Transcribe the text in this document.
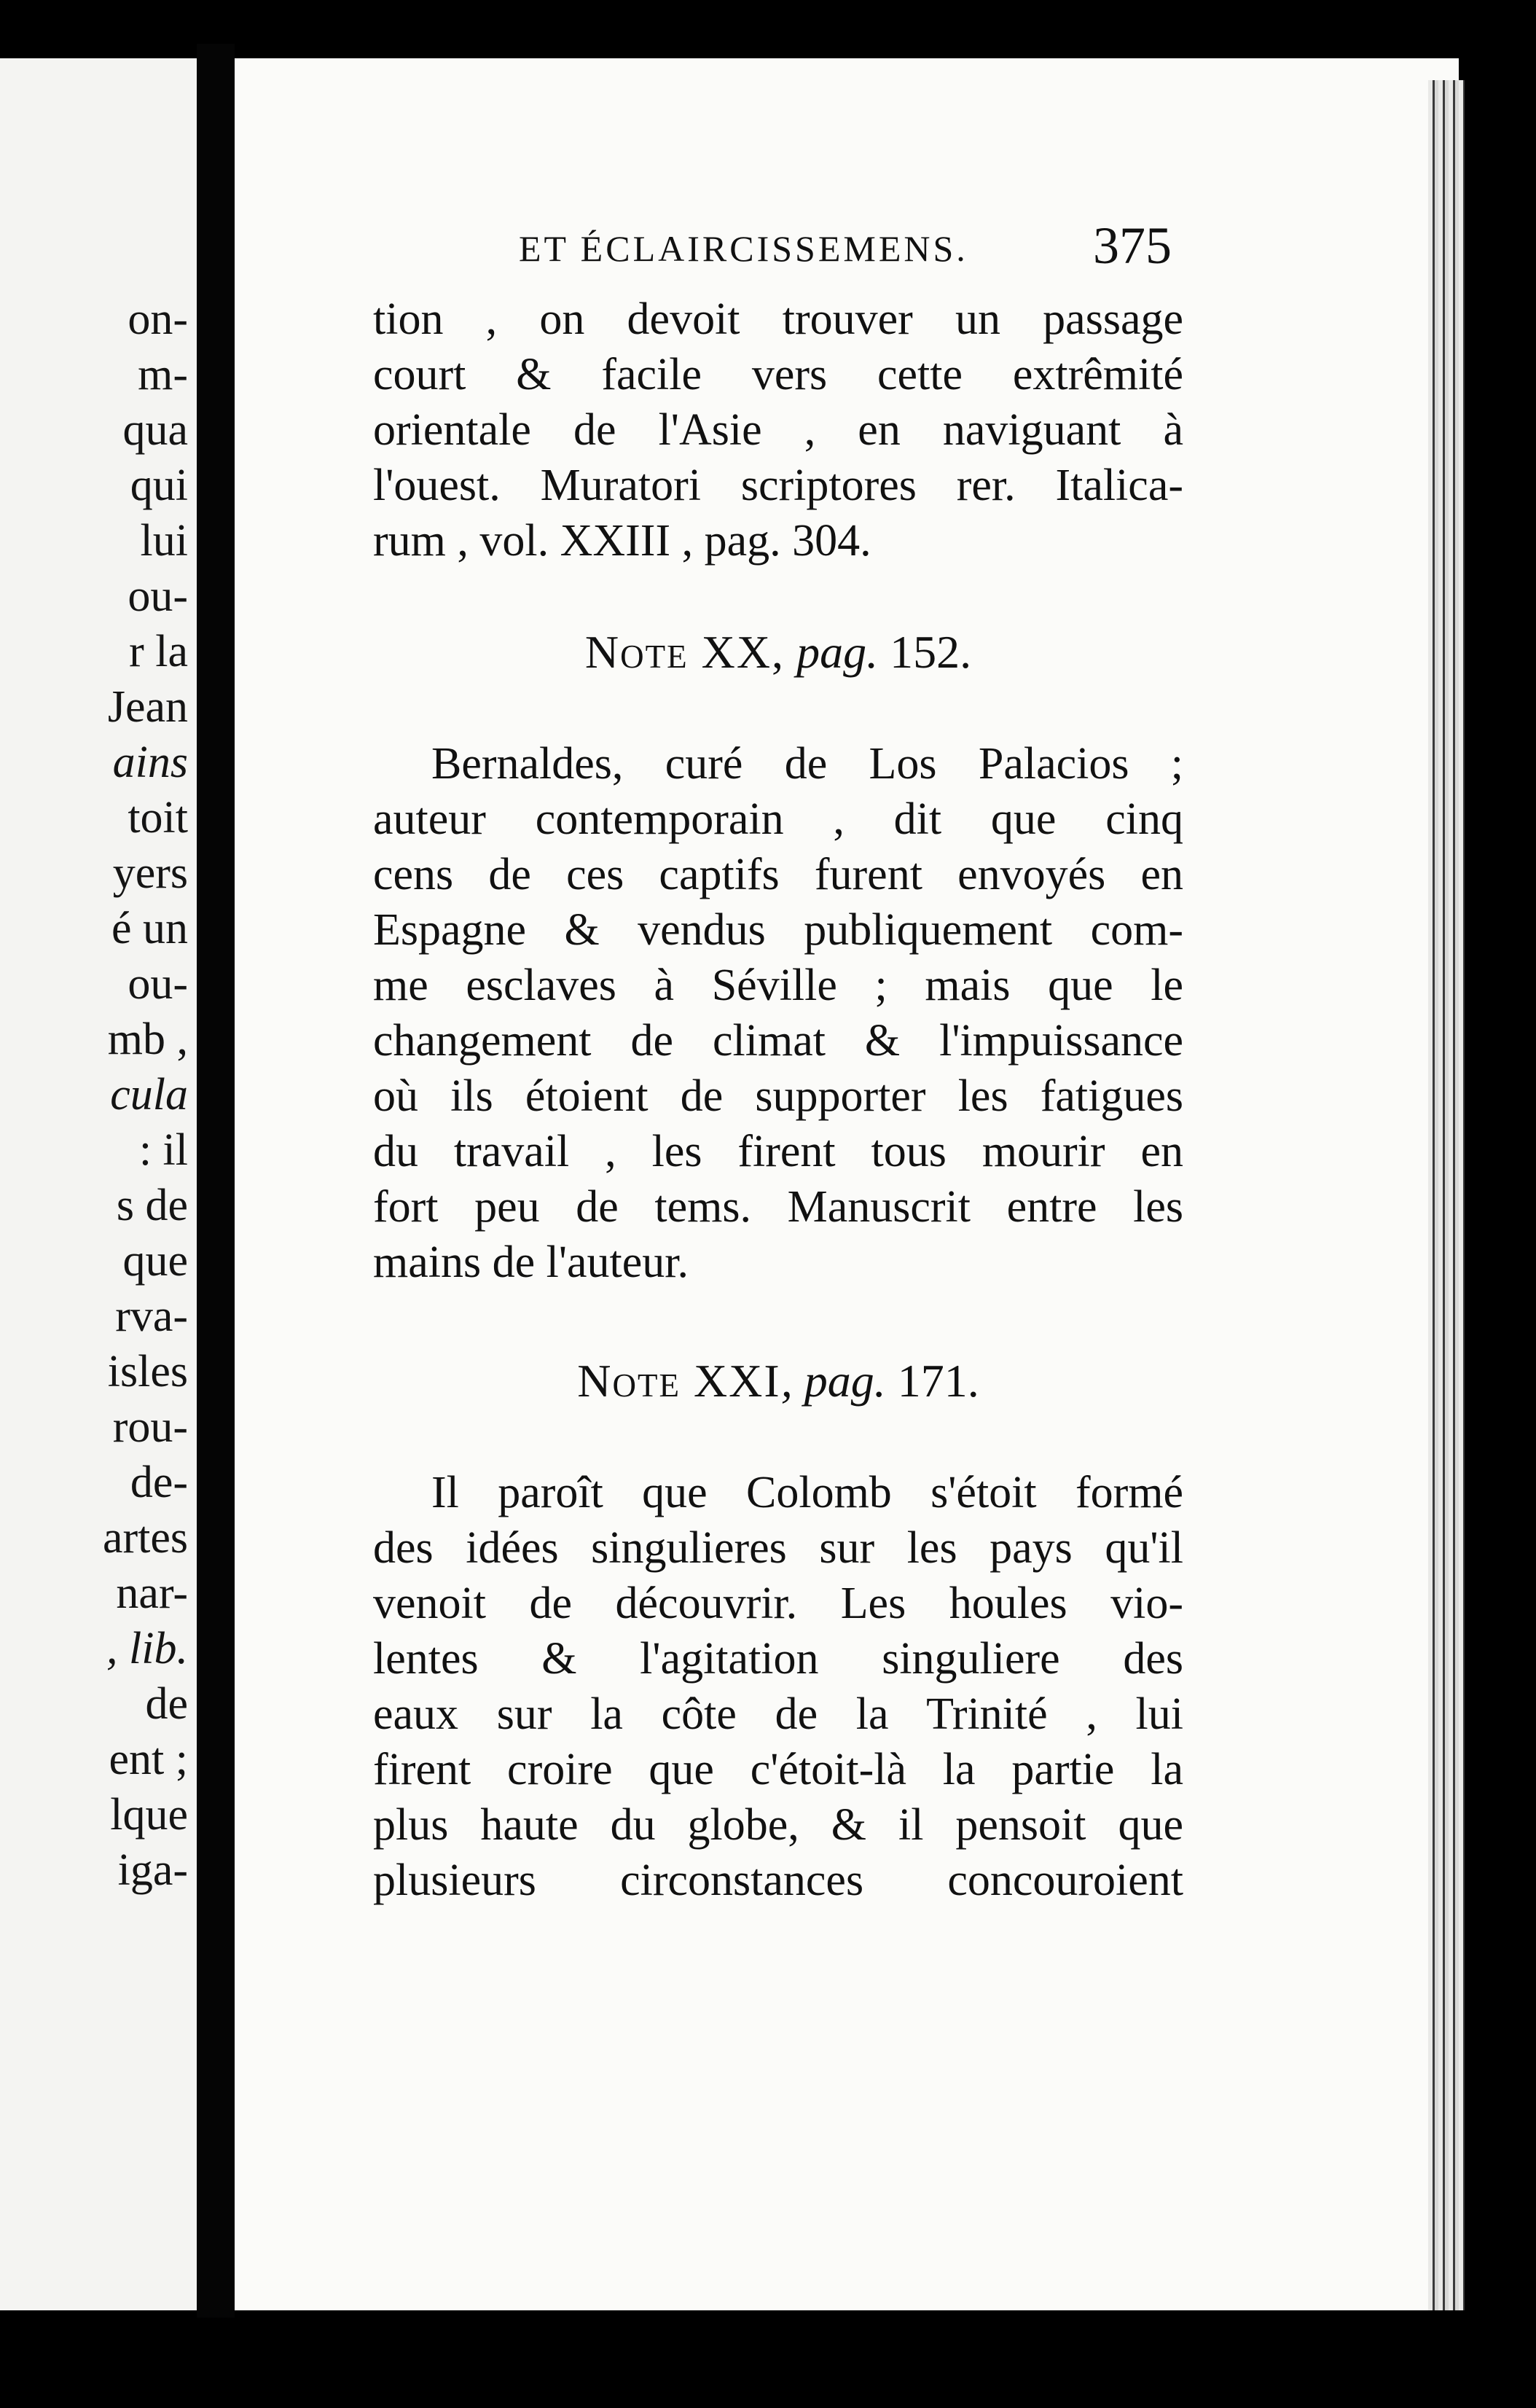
on-
m-
qua
qui
lui
ou-
r la
Jean
ains
toit
yers
é un
ou-
mb ,
cula
: il
s de
que
rva-
isles
rou-
de-
artes
nar-
, lib.
de
ent ;
lque
iga-
ET ÉCLAIRCISSEMENS. 375
tion , on devoit trouver un passage
court & facile vers cette extrêmité
orientale de l'Asie , en naviguant à
l'ouest. Muratori scriptores rer. Italica-
rum , vol. XXIII , pag. 304.
Note XX, pag. 152.
Bernaldes, curé de Los Palacios ;
auteur contemporain , dit que cinq
cens de ces captifs furent envoyés en
Espagne & vendus publiquement com-
me esclaves à Séville ; mais que le
changement de climat & l'impuissance
où ils étoient de supporter les fatigues
du travail , les firent tous mourir en
fort peu de tems. Manuscrit entre les
mains de l'auteur.
Note XXI, pag. 171.
Il paroît que Colomb s'étoit formé
des idées singulieres sur les pays qu'il
venoit de découvrir. Les houles vio-
lentes & l'agitation singuliere des
eaux sur la côte de la Trinité , lui
firent croire que c'étoit-là la partie la
plus haute du globe, & il pensoit que
plusieurs circonstances concouroient
